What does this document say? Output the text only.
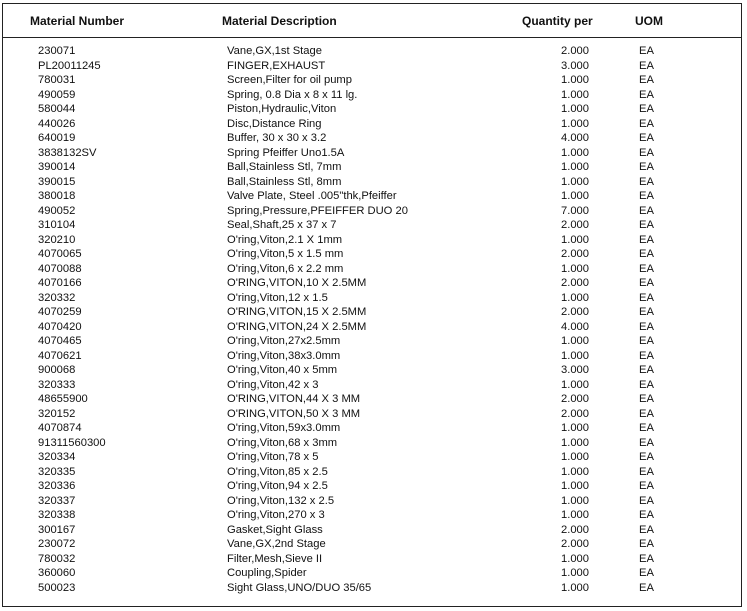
Material Number	Material Description	Quantity per	UOM
230071	Vane,GX,1st Stage	2.000	EA
PL20011245	FINGER,EXHAUST	3.000	EA
780031	Screen,Filter for oil pump	1.000	EA
490059	Spring, 0.8 Dia x 8 x 11 lg.	1.000	EA
580044	Piston,Hydraulic,Viton	1.000	EA
440026	Disc,Distance Ring	1.000	EA
640019	Buffer, 30 x 30 x 3.2	4.000	EA
3838132SV	Spring Pfeiffer Uno1.5A	1.000	EA
390014	Ball,Stainless Stl, 7mm	1.000	EA
390015	Ball,Stainless Stl, 8mm	1.000	EA
380018	Valve Plate, Steel .005"thk,Pfeiffer	1.000	EA
490052	Spring,Pressure,PFEIFFER DUO 20	7.000	EA
310104	Seal,Shaft,25 x 37 x 7	2.000	EA
320210	O'ring,Viton,2.1 X 1mm	1.000	EA
4070065	O'ring,Viton,5 x 1.5 mm	2.000	EA
4070088	O'ring,Viton,6 x 2.2 mm	1.000	EA
4070166	O'RING,VITON,10 X 2.5MM	2.000	EA
320332	O'ring,Viton,12 x 1.5	1.000	EA
4070259	O'RING,VITON,15 X 2.5MM	2.000	EA
4070420	O'RING,VITON,24 X 2.5MM	4.000	EA
4070465	O'ring,Viton,27x2.5mm	1.000	EA
4070621	O'ring,Viton,38x3.0mm	1.000	EA
900068	O'ring,Viton,40 x 5mm	3.000	EA
320333	O'ring,Viton,42 x 3	1.000	EA
48655900	O'RING,VITON,44 X 3 MM	2.000	EA
320152	O'RING,VITON,50 X 3 MM	2.000	EA
4070874	O'ring,Viton,59x3.0mm	1.000	EA
91311560300	O'ring,Viton,68 x 3mm	1.000	EA
320334	O'ring,Viton,78 x 5	1.000	EA
320335	O'ring,Viton,85 x 2.5	1.000	EA
320336	O'ring,Viton,94 x 2.5	1.000	EA
320337	O'ring,Viton,132 x 2.5	1.000	EA
320338	O'ring,Viton,270 x 3	1.000	EA
300167	Gasket,Sight Glass	2.000	EA
230072	Vane,GX,2nd Stage	2.000	EA
780032	Filter,Mesh,Sieve II	1.000	EA
360060	Coupling,Spider	1.000	EA
500023	Sight Glass,UNO/DUO 35/65	1.000	EA
